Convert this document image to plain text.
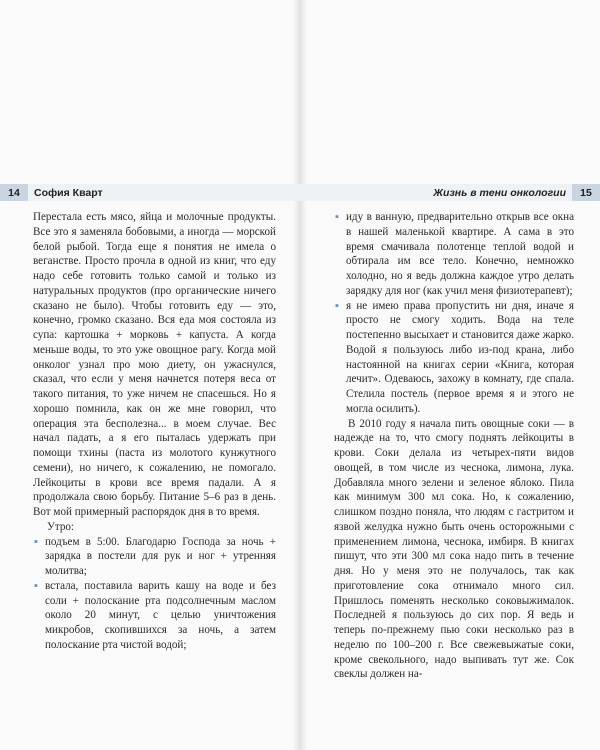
14	София Кварт	Жизнь в тени онкологии	15

Перестала есть мясо, яйца и молочные продукты. Все это я заменяла бобовыми, а иногда — морской белой рыбой. Тогда еще я понятия не имела о веганстве. Просто прочла в одной из книг, что еду надо себе готовить только самой и только из натуральных продуктов (про органические ничего сказано не было). Чтобы готовить еду — это, конечно, громко сказано. Вся еда моя состояла из супа: картошка + морковь + капуста. А когда меньше воды, то это уже овощное рагу. Когда мой онколог узнал про мою диету, он ужаснулся, сказал, что если у меня начнется потеря веса от такого питания, то уже ничем не спасешься. Но я хорошо помнила, как он же мне говорил, что операция эта бесполезна... в моем случае. Вес начал падать, а я его пыталась удержать при помощи тхины (паста из молотого кунжутного семени), но ничего, к сожалению, не помогало. Лейкоциты в крови все время падали. А я продолжала свою борьбу. Питание 5–6 раз в день. Вот мой примерный распорядок дня в то время.

Утро:

▪ подъем в 5:00. Благодарю Господа за ночь + зарядка в постели для рук и ног + утренняя молитва;
▪ встала, поставила варить кашу на воде и без соли + полоскание рта подсолнечным маслом около 20 минут, с целью уничтожения микробов, скопившихся за ночь, а затем полоскание рта чистой водой;
▪ иду в ванную, предварительно открыв все окна в нашей маленькой квартире. А сама в это время смачивала полотенце теплой водой и обтирала им все тело. Конечно, немножко холодно, но я ведь должна каждое утро делать зарядку для ног (как учил меня физиотерапевт);
▪ я не имею права пропустить ни дня, иначе я просто не смогу ходить. Вода на теле постепенно высыхает и становится даже жарко. Водой я пользуюсь либо из-под крана, либо настоянной на книгах серии «Книга, которая лечит». Одеваюсь, захожу в комнату, где спала. Стелила постель (первое время я и этого не могла осилить).

В 2010 году я начала пить овощные соки — в надежде на то, что смогу поднять лейкоциты в крови. Соки делала из четырех-пяти видов овощей, в том числе из чеснока, лимона, лука. Добавляла много зелени и зеленое яблоко. Пила как минимум 300 мл сока. Но, к сожалению, слишком поздно поняла, что людям с гастритом и язвой желудка нужно быть очень осторожными с применением лимона, чеснока, имбиря. В книгах пишут, что эти 300 мл сока надо пить в течение дня. Но у меня это не получалось, так как приготовление сока отнимало много сил. Пришлось поменять несколько соковыжималок. Последней я пользуюсь до сих пор. Я ведь и теперь по-прежнему пью соки несколько раз в неделю по 100–200 г. Все свежевыжатые соки, кроме свекольного, надо выпивать тут же. Сок свеклы должен на-
